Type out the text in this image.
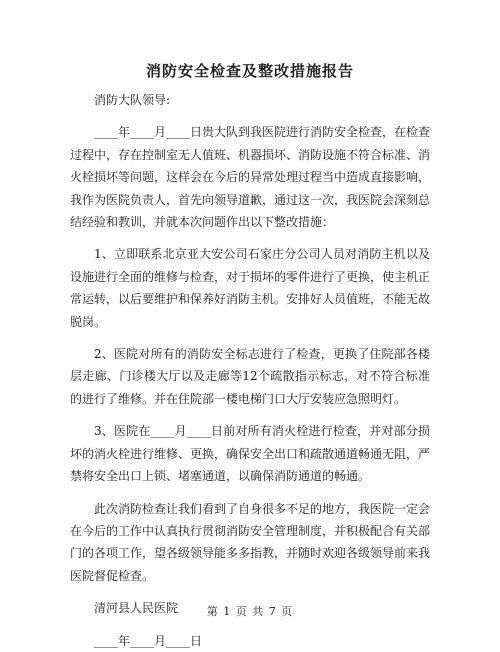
消防安全检查及整改措施报告

消防大队领导:

____年____月____日贵大队到我医院进行消防安全检查，在检查过程中，存在控制室无人值班、机器损坏、消防设施不符合标准、消火栓损坏等问题，这样会在今后的异常处理过程当中造成直接影响，我作为医院负责人，首先向领导道歉，通过这一次，我医院会深刻总结经验和教训，并就本次问题作出以下整改措施：

1、立即联系北京亚大安公司石家庄分公司人员对消防主机以及设施进行全面的维修与检查，对于损坏的零件进行了更换，使主机正常运转，以后要维护和保养好消防主机。安排好人员值班，不能无故脱岗。

2、医院对所有的消防安全标志进行了检查，更换了住院部各楼层走廊、门诊楼大厅以及走廊等12个疏散指示标志，对不符合标准的进行了维修。并在住院部一楼电梯门口大厅安装应急照明灯。

3、医院在____月____日前对所有消火栓进行检查，并对部分损坏的消火栓进行维修、更换，确保安全出口和疏散通道畅通无阻，严禁将安全出口上锁、堵塞通道，以确保消防通道的畅通。

此次消防检查让我们看到了自身很多不足的地方，我医院一定会在今后的工作中认真执行贯彻消防安全管理制度，并积极配合有关部门的各项工作，望各级领导能多多指教，并随时欢迎各级领导前来我医院督促检查。

清河县人民医院

____年____月____日

第 1 页 共 7 页
